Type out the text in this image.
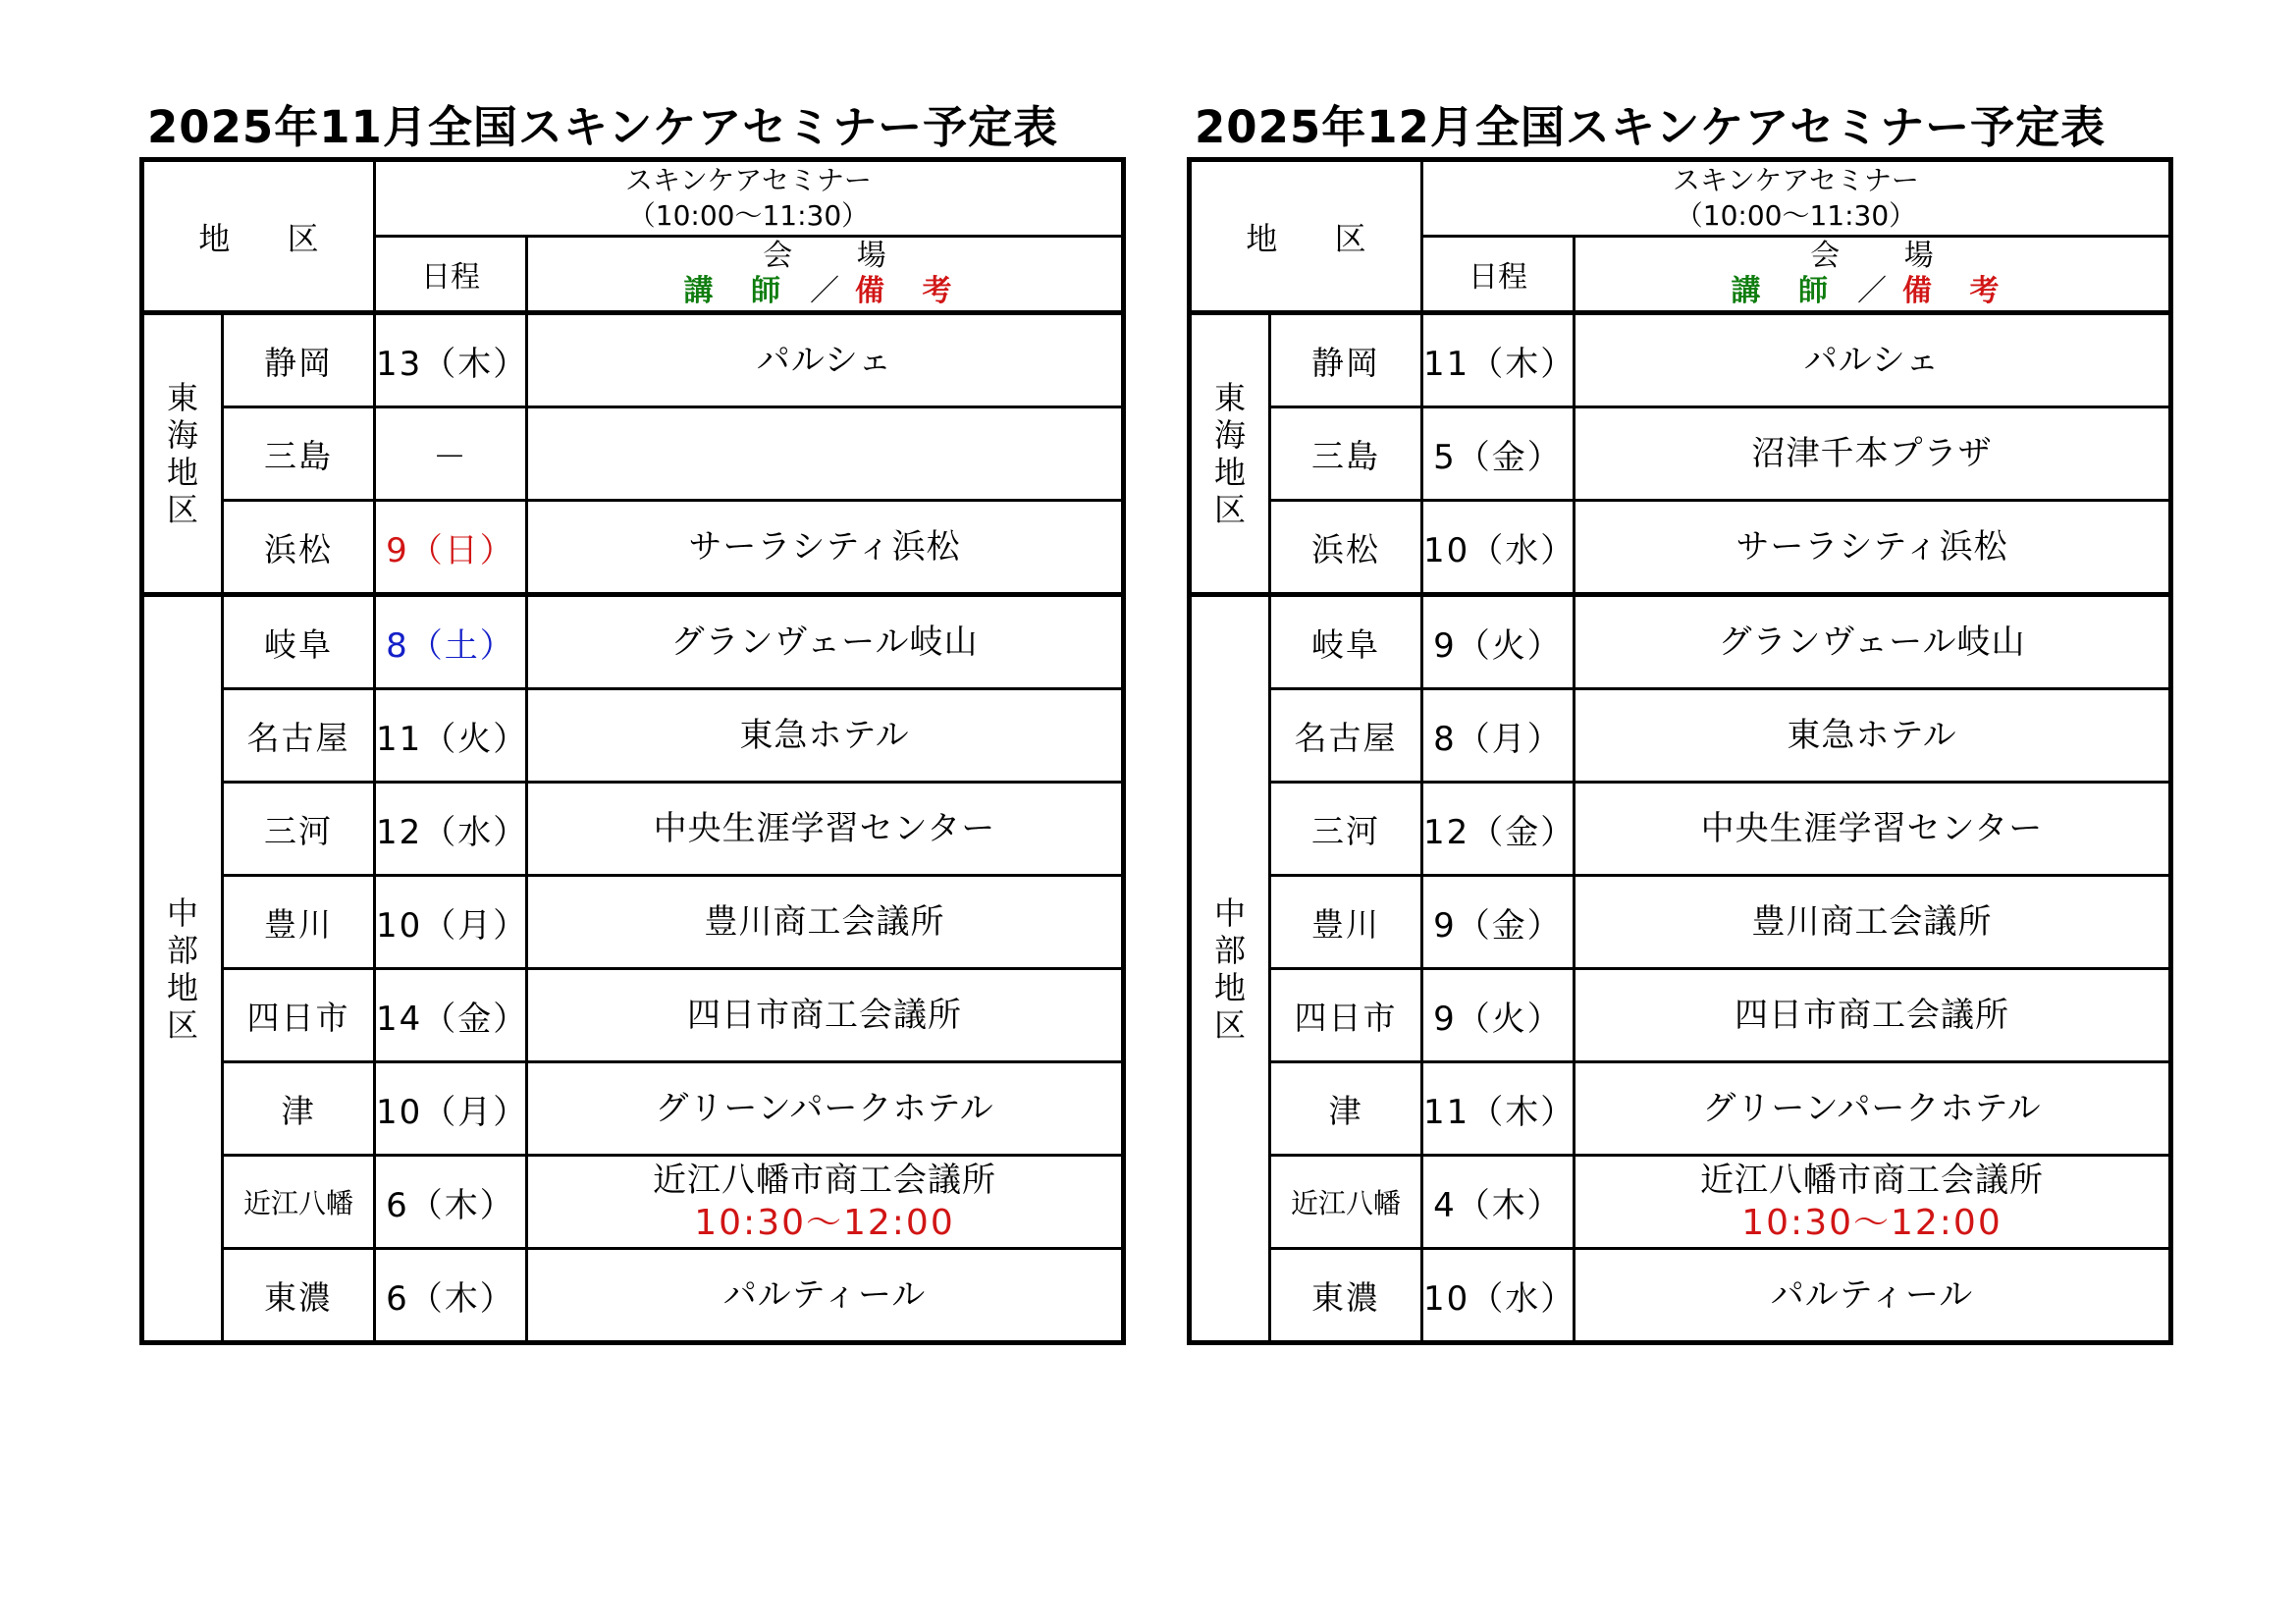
2025年11月全国スキンケアセミナー予定表
地 区		スキンケアセミナー
（10:00～11:30）	

		日程	会 場
講 師 ／ 備 考

東海地区	静岡	13（木）	パルシェ
	三島	－	
	浜松	9（日）	サーラシティ浜松

中部地区	岐阜	8（土）	グランヴェール岐山
	名古屋	11（火）	東急ホテル
	三河	12（水）	中央生涯学習センター
	豊川	10（月）	豊川商工会議所
	四日市	14（金）	四日市商工会議所
	津	10（月）	グリーンパークホテル
	近江八幡	6（木）	近江八幡市商工会議所
10:30～12:00

	東濃	6（木）	パルティール
2025年12月全国スキンケアセミナー予定表
地 区		スキンケアセミナー
（10:00～11:30）	

		日程	会 場
講 師 ／ 備 考

東海地区	静岡	11（木）	パルシェ
	三島	5（金）	沼津千本プラザ
	浜松	10（水）	サーラシティ浜松

中部地区	岐阜	9（火）	グランヴェール岐山
	名古屋	8（月）	東急ホテル
	三河	12（金）	中央生涯学習センター
	豊川	9（金）	豊川商工会議所
	四日市	9（火）	四日市商工会議所
	津	11（木）	グリーンパークホテル
	近江八幡	4（木）	近江八幡市商工会議所
10:30～12:00

	東濃	10（水）	パルティール
